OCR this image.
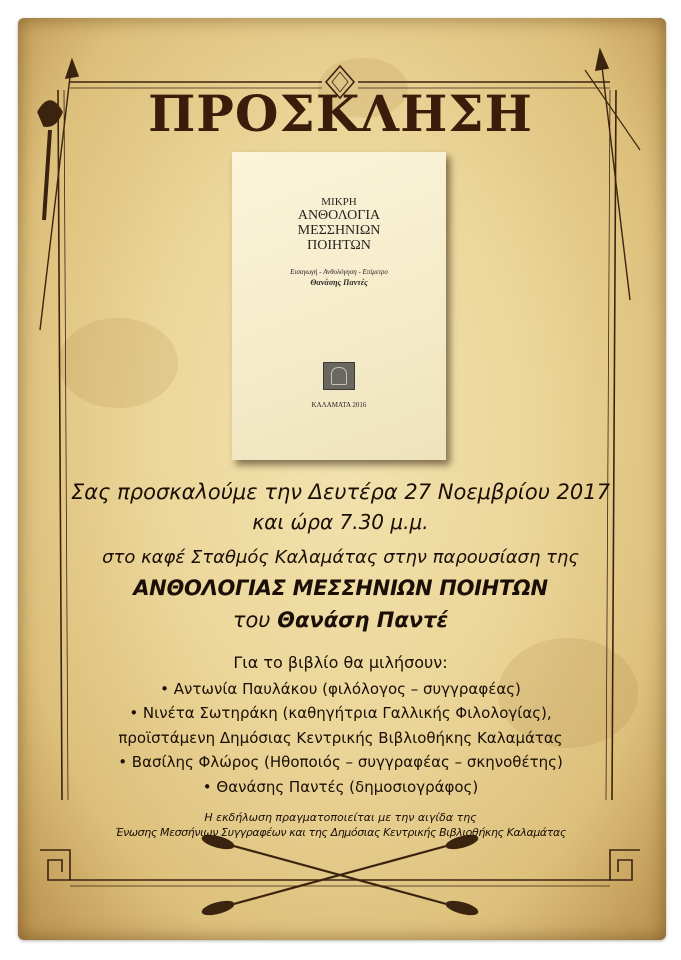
ΠΡΟΣΚΛΗΣΗ
ΜΙΚΡΗ
ΑΝΘΟΛΟΓΙΑ
ΜΕΣΣΗΝΙΩΝ
ΠΟΙΗΤΩΝ
Εισαγωγή - Ανθολόγηση - Επίμετρο
Θανάσης Παντές
ΚΑΛΑΜΑΤΑ 2016
Σας προσκαλούμε την Δευτέρα 27 Νοεμβρίου 2017
και ώρα 7.30 μ.μ.
στο καφέ Σταθμός Καλαμάτας στην παρουσίαση της
ΑΝΘΟΛΟΓΙΑΣ ΜΕΣΣΗΝΙΩΝ ΠΟΙΗΤΩΝ
του Θανάση Παντέ
Για το βιβλίο θα μιλήσουν:
• Αντωνία Παυλάκου (φιλόλογος – συγγραφέας)
• Νινέτα Σωτηράκη (καθηγήτρια Γαλλικής Φιλολογίας),
προϊστάμενη Δημόσιας Κεντρικής Βιβλιοθήκης Καλαμάτας
• Βασίλης Φλώρος (Ηθοποιός – συγγραφέας – σκηνοθέτης)
• Θανάσης Παντές (δημοσιογράφος)
Η εκδήλωση πραγματοποιείται με την αιγίδα της
Ένωσης Μεσσήνιων Συγγραφέων και της Δημόσιας Κεντρικής Βιβλιοθήκης Καλαμάτας
